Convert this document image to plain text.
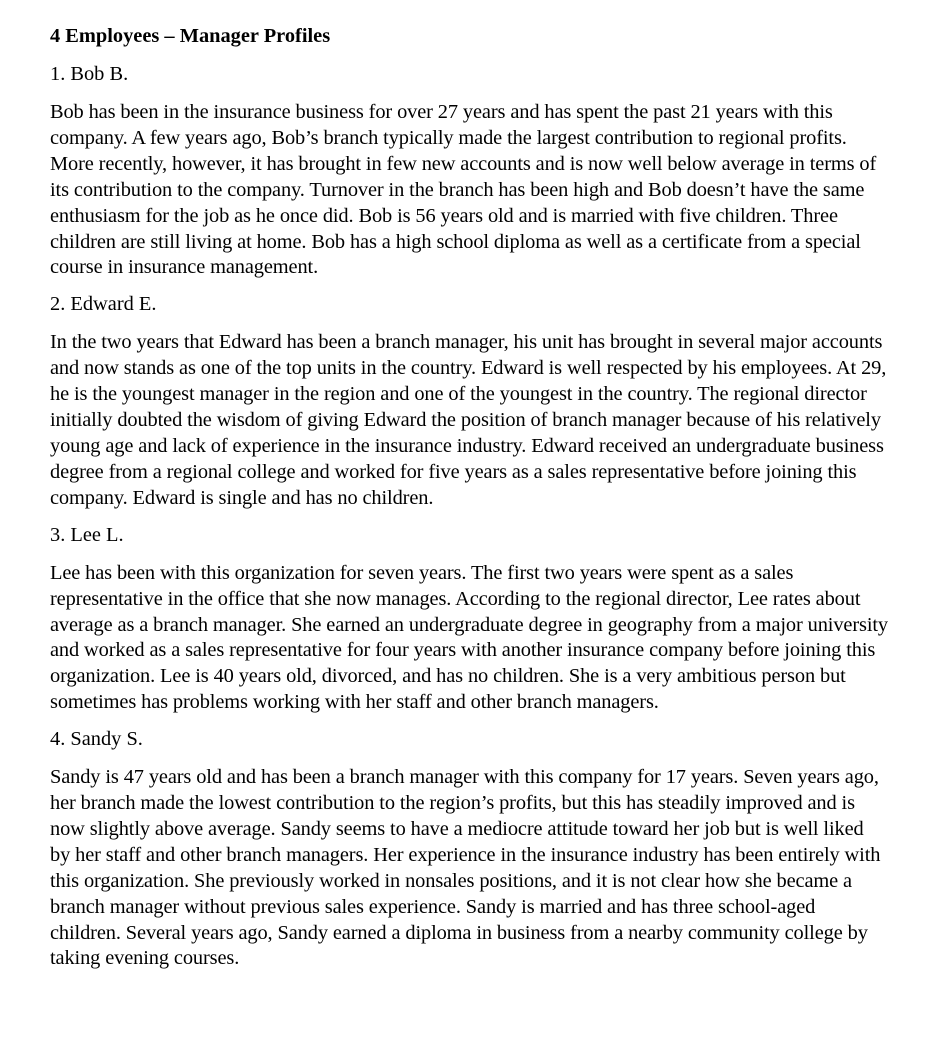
4 Employees – Manager Profiles
1. Bob B.
Bob has been in the insurance business for over 27 years and has spent the past 21 years with this company. A few years ago, Bob’s branch typically made the largest contribution to regional profits. More recently, however, it has brought in few new accounts and is now well below average in terms of its contribution to the company. Turnover in the branch has been high and Bob doesn’t have the same enthusiasm for the job as he once did. Bob is 56 years old and is married with five children. Three children are still living at home. Bob has a high school diploma as well as a certificate from a special course in insurance management.
2. Edward E.
In the two years that Edward has been a branch manager, his unit has brought in several major accounts and now stands as one of the top units in the country. Edward is well respected by his employees. At 29, he is the youngest manager in the region and one of the youngest in the country. The regional director initially doubted the wisdom of giving Edward the position of branch manager because of his relatively young age and lack of experience in the insurance industry. Edward received an undergraduate business degree from a regional college and worked for five years as a sales representative before joining this company. Edward is single and has no children.
3. Lee L.
Lee has been with this organization for seven years. The first two years were spent as a sales representative in the office that she now manages. According to the regional director, Lee rates about average as a branch manager. She earned an undergraduate degree in geography from a major university and worked as a sales representative for four years with another insurance company before joining this organization. Lee is 40 years old, divorced, and has no children. She is a very ambitious person but sometimes has problems working with her staff and other branch managers.
4. Sandy S.
Sandy is 47 years old and has been a branch manager with this company for 17 years. Seven years ago, her branch made the lowest contribution to the region’s profits, but this has steadily improved and is now slightly above average. Sandy seems to have a mediocre attitude toward her job but is well liked by her staff and other branch managers. Her experience in the insurance industry has been entirely with this organization. She previously worked in nonsales positions, and it is not clear how she became a branch manager without previous sales experience. Sandy is married and has three school-aged children. Several years ago, Sandy earned a diploma in business from a nearby community college by taking evening courses.
